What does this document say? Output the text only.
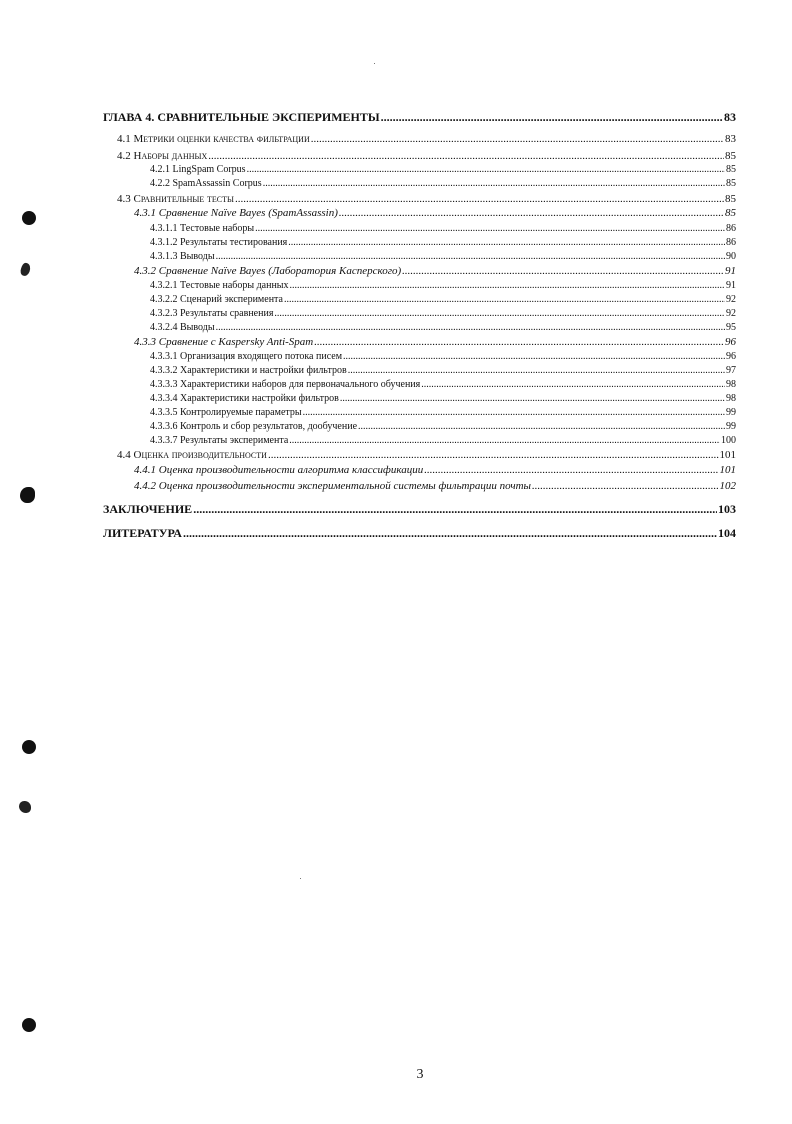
ГЛАВА 4. СРАВНИТЕЛЬНЫЕ ЭКСПЕРИМЕНТЫ .....	83
4.1 Метрики оценки качества фильтрации .....	83
4.2 Наборы данных .....	85
4.2.1 LingSpam Corpus .....	85
4.2.2 SpamAssassin Corpus .....	85
4.3 Сравнительные тесты .....	85
4.3.1 Сравнение Naïve Bayes (SpamAssassin) .....	85
4.3.1.1 Тестовые наборы .....	86
4.3.1.2 Результаты тестирования .....	86
4.3.1.3 Выводы .....	90
4.3.2 Сравнение Naïve Bayes (Лаборатория Касперского) .....	91
4.3.2.1 Тестовые наборы данных .....	91
4.3.2.2 Сценарий эксперимента .....	92
4.3.2.3 Результаты сравнения .....	92
4.3.2.4 Выводы .....	95
4.3.3 Сравнение с Kaspersky Anti-Spam .....	96
4.3.3.1 Организация входящего потока писем .....	96
4.3.3.2 Характеристики и настройки фильтров .....	97
4.3.3.3 Характеристики наборов для первоначального обучения .....	98
4.3.3.4 Характеристики настройки фильтров .....	98
4.3.3.5 Контролируемые параметры .....	99
4.3.3.6 Контроль и сбор результатов, дообучение .....	99
4.3.3.7 Результаты эксперимента .....	100
4.4 Оценка производительности .....	101
4.4.1 Оценка производительности алгоритма классификации .....	101
4.4.2 Оценка производительности экспериментальной системы фильтрации почты .....	102
ЗАКЛЮЧЕНИЕ .....	103
ЛИТЕРАТУРА .....	104
3
